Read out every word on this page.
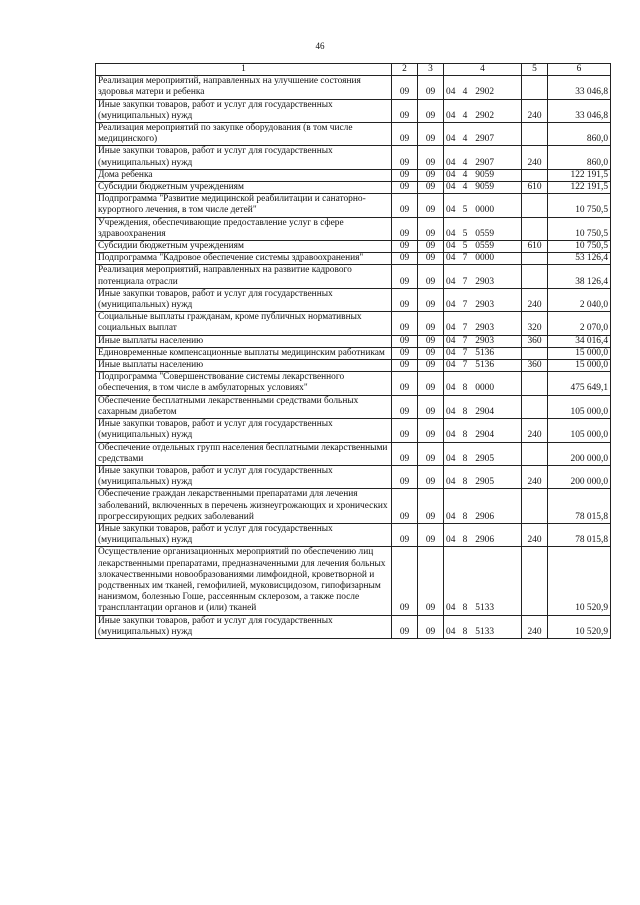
46
1	2	3	4	5	6
Реализация мероприятий, направленных на улучшение состояния здоровья матери и ребенка	09	09	04 4 2902		33 046,8
Иные закупки товаров, работ и услуг для государственных (муниципальных) нужд	09	09	04 4 2902	240	33 046,8
Реализация мероприятий по закупке оборудования (в том числе медицинского)	09	09	04 4 2907		860,0
Иные закупки товаров, работ и услуг для государственных (муниципальных) нужд	09	09	04 4 2907	240	860,0
Дома ребенка	09	09	04 4 9059		122 191,5
Субсидии бюджетным учреждениям	09	09	04 4 9059	610	122 191,5
Подпрограмма "Развитие медицинской реабилитации и санаторно-курортного лечения, в том числе детей"	09	09	04 5 0000		10 750,5
Учреждения, обеспечивающие предоставление услуг в сфере здравоохранения	09	09	04 5 0559		10 750,5
Субсидии бюджетным учреждениям	09	09	04 5 0559	610	10 750,5
Подпрограмма "Кадровое обеспечение системы здравоохранения"	09	09	04 7 0000		53 126,4
Реализация мероприятий, направленных на развитие кадрового потенциала отрасли	09	09	04 7 2903		38 126,4
Иные закупки товаров, работ и услуг для государственных (муниципальных) нужд	09	09	04 7 2903	240	2 040,0
Социальные выплаты гражданам, кроме публичных нормативных социальных выплат	09	09	04 7 2903	320	2 070,0
Иные выплаты населению	09	09	04 7 2903	360	34 016,4
Единовременные компенсационные выплаты медицинским работникам	09	09	04 7 5136		15 000,0
Иные выплаты населению	09	09	04 7 5136	360	15 000,0
Подпрограмма "Совершенствование системы лекарственного обеспечения, в том числе в амбулаторных условиях"	09	09	04 8 0000		475 649,1
Обеспечение бесплатными лекарственными средствами больных сахарным диабетом	09	09	04 8 2904		105 000,0
Иные закупки товаров, работ и услуг для государственных (муниципальных) нужд	09	09	04 8 2904	240	105 000,0
Обеспечение отдельных групп населения бесплатными лекарственными средствами	09	09	04 8 2905		200 000,0
Иные закупки товаров, работ и услуг для государственных (муниципальных) нужд	09	09	04 8 2905	240	200 000,0
Обеспечение граждан лекарственными препаратами для лечения заболеваний, включенных в перечень жизнеугрожающих и хронических прогрессирующих редких заболеваний	09	09	04 8 2906		78 015,8
Иные закупки товаров, работ и услуг для государственных (муниципальных) нужд	09	09	04 8 2906	240	78 015,8
Осуществление организационных мероприятий по обеспечению лиц лекарственными препаратами, предназначенными для лечения больных злокачественными новообразованиями лимфоидной, кроветворной и родственных им тканей, гемофилией, муковисцидозом, гипофизарным нанизмом, болезнью Гоше, рассеянным склерозом, а также после трансплантации органов и (или) тканей	09	09	04 8 5133		10 520,9
Иные закупки товаров, работ и услуг для государственных (муниципальных) нужд	09	09	04 8 5133	240	10 520,9
